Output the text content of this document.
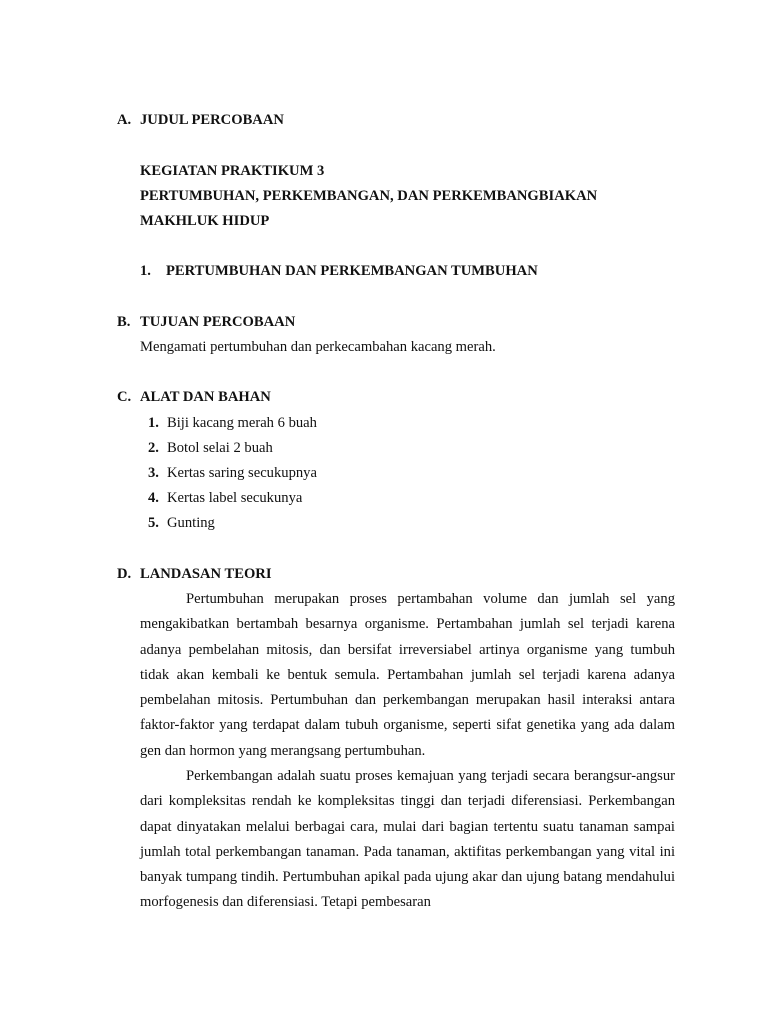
A. JUDUL PERCOBAAN
KEGIATAN PRAKTIKUM 3
PERTUMBUHAN, PERKEMBANGAN, DAN PERKEMBANGBIAKAN
MAKHLUK HIDUP
1. PERTUMBUHAN DAN PERKEMBANGAN TUMBUHAN
B. TUJUAN PERCOBAAN
Mengamati pertumbuhan dan perkecambahan kacang merah.
C. ALAT DAN BAHAN
1. Biji kacang merah 6 buah
2. Botol selai 2 buah
3. Kertas saring secukupnya
4. Kertas label secukunya
5. Gunting
D. LANDASAN TEORI

Pertumbuhan merupakan proses pertambahan volume dan jumlah sel yang mengakibatkan bertambah besarnya organisme. Pertambahan jumlah sel terjadi karena adanya pembelahan mitosis, dan bersifat irreversiabel artinya organisme yang tumbuh tidak akan kembali ke bentuk semula. Pertambahan jumlah sel terjadi karena adanya pembelahan mitosis. Pertumbuhan dan perkembangan merupakan hasil interaksi antara faktor-faktor yang terdapat dalam tubuh organisme, seperti sifat genetika yang ada dalam gen dan hormon yang merangsang pertumbuhan.

Perkembangan adalah suatu proses kemajuan yang terjadi secara berangsur-angsur dari kompleksitas rendah ke kompleksitas tinggi dan terjadi diferensiasi. Perkembangan dapat dinyatakan melalui berbagai cara, mulai dari bagian tertentu suatu tanaman sampai jumlah total perkembangan tanaman. Pada tanaman, aktifitas perkembangan yang vital ini banyak tumpang tindih. Pertumbuhan apikal pada ujung akar dan ujung batang mendahului morfogenesis dan diferensiasi. Tetapi pembesaran
